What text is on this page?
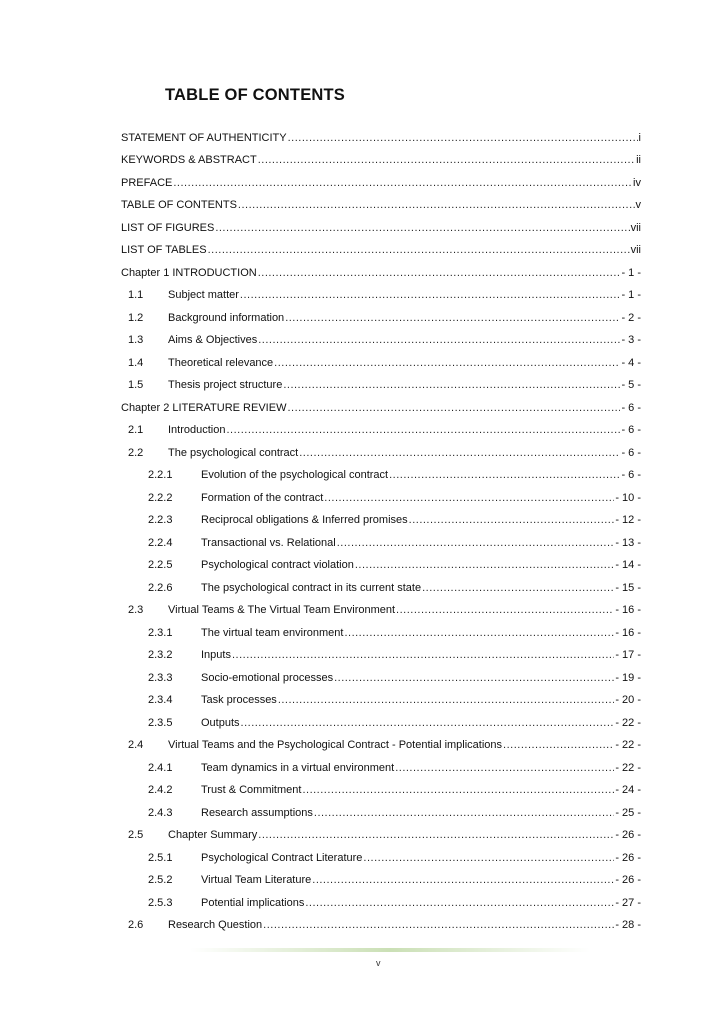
TABLE OF CONTENTS
STATEMENT OF AUTHENTICITY .....	i
KEYWORDS & ABSTRACT .....	ii
PREFACE .....	iv
TABLE OF CONTENTS .....	v
LIST OF FIGURES .....	vii
LIST OF TABLES .....	vii
Chapter 1 INTRODUCTION .....	- 1 -
1.1	Subject matter .....	- 1 -
1.2	Background information .....	- 2 -
1.3	Aims & Objectives .....	- 3 -
1.4	Theoretical relevance .....	- 4 -
1.5	Thesis project structure .....	- 5 -
Chapter 2 LITERATURE REVIEW .....	- 6 -
2.1	Introduction .....	- 6 -
2.2	The psychological contract .....	- 6 -
2.2.1	Evolution of the psychological contract .....	- 6 -
2.2.2	Formation of the contract .....	- 10 -
2.2.3	Reciprocal obligations & Inferred promises .....	- 12 -
2.2.4	Transactional vs. Relational .....	- 13 -
2.2.5	Psychological contract violation .....	- 14 -
2.2.6	The psychological contract in its current state .....	- 15 -
2.3	Virtual Teams & The Virtual Team Environment .....	- 16 -
2.3.1	The virtual team environment .....	- 16 -
2.3.2	Inputs .....	- 17 -
2.3.3	Socio-emotional processes .....	- 19 -
2.3.4	Task processes .....	- 20 -
2.3.5	Outputs .....	- 22 -
2.4	Virtual Teams and the Psychological Contract - Potential implications .....	- 22 -
2.4.1	Team dynamics in a virtual environment .....	- 22 -
2.4.2	Trust & Commitment .....	- 24 -
2.4.3	Research assumptions .....	- 25 -
2.5	Chapter Summary .....	- 26 -
2.5.1	Psychological Contract Literature .....	- 26 -
2.5.2	Virtual Team Literature .....	- 26 -
2.5.3	Potential implications .....	- 27 -
2.6	Research Question .....	- 28 -
v
